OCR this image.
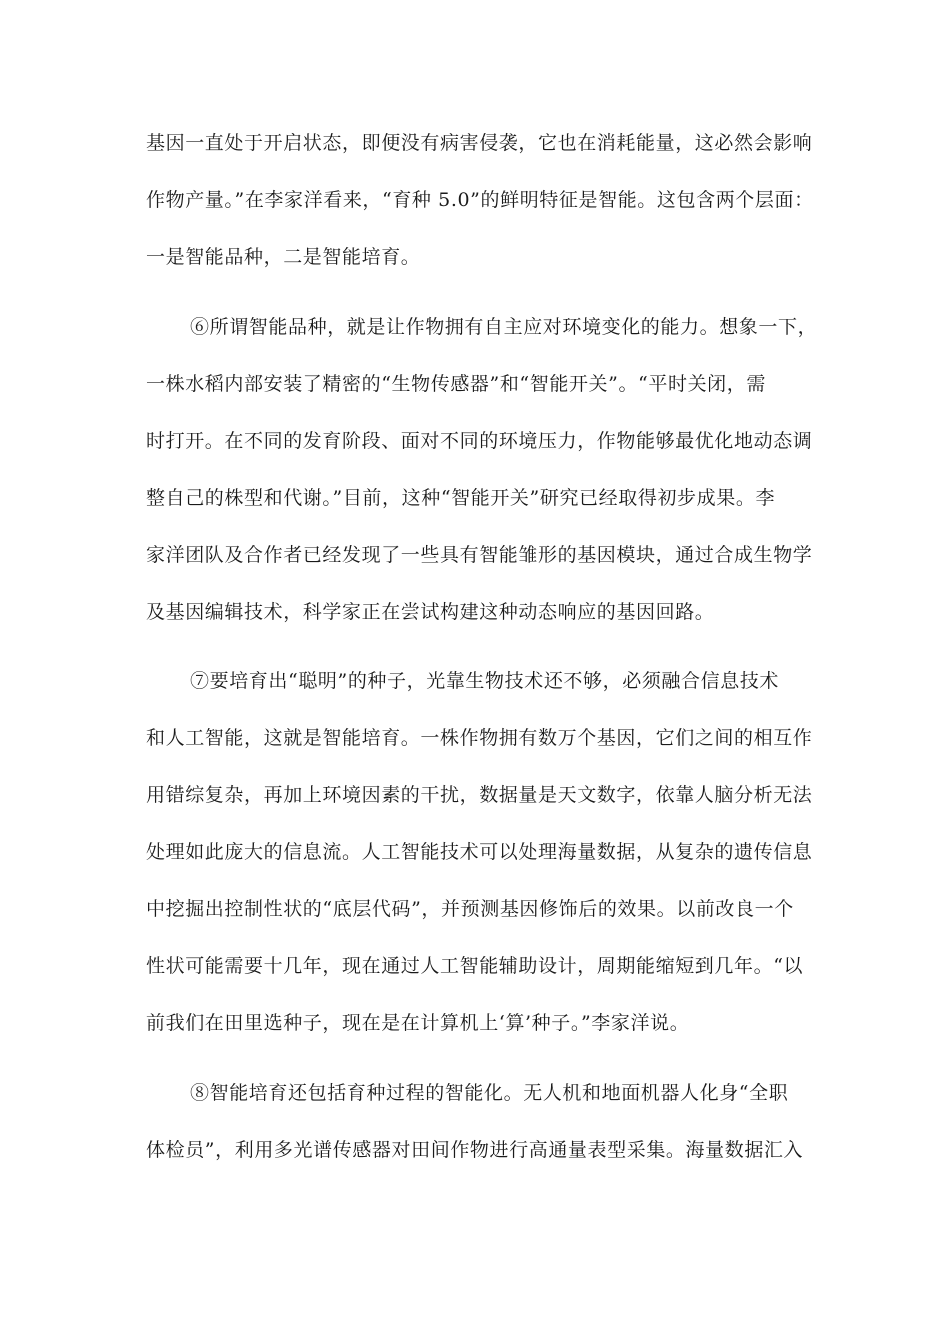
基因一直处于开启状态，即便没有病害侵袭，它也在消耗能量，这必然会影响

作物产量。”在李家洋看来，“育种 5.0”的鲜明特征是智能。这包含两个层面：

一是智能品种，二是智能培育。

⑥所谓智能品种，就是让作物拥有自主应对环境变化的能力。想象一下，

一株水稻内部安装了精密的“生物传感器”和“智能开关”。“平时关闭，需

时打开。在不同的发育阶段、面对不同的环境压力，作物能够最优化地动态调

整自己的株型和代谢。”目前，这种“智能开关”研究已经取得初步成果。李

家洋团队及合作者已经发现了一些具有智能雏形的基因模块，通过合成生物学

及基因编辑技术，科学家正在尝试构建这种动态响应的基因回路。

⑦要培育出“聪明”的种子，光靠生物技术还不够，必须融合信息技术

和人工智能，这就是智能培育。一株作物拥有数万个基因，它们之间的相互作

用错综复杂，再加上环境因素的干扰，数据量是天文数字，依靠人脑分析无法

处理如此庞大的信息流。人工智能技术可以处理海量数据，从复杂的遗传信息

中挖掘出控制性状的“底层代码”，并预测基因修饰后的效果。以前改良一个

性状可能需要十几年，现在通过人工智能辅助设计，周期能缩短到几年。“以

前我们在田里选种子，现在是在计算机上‘算’种子。”李家洋说。

⑧智能培育还包括育种过程的智能化。无人机和地面机器人化身“全职

体检员”，利用多光谱传感器对田间作物进行高通量表型采集。海量数据汇入
